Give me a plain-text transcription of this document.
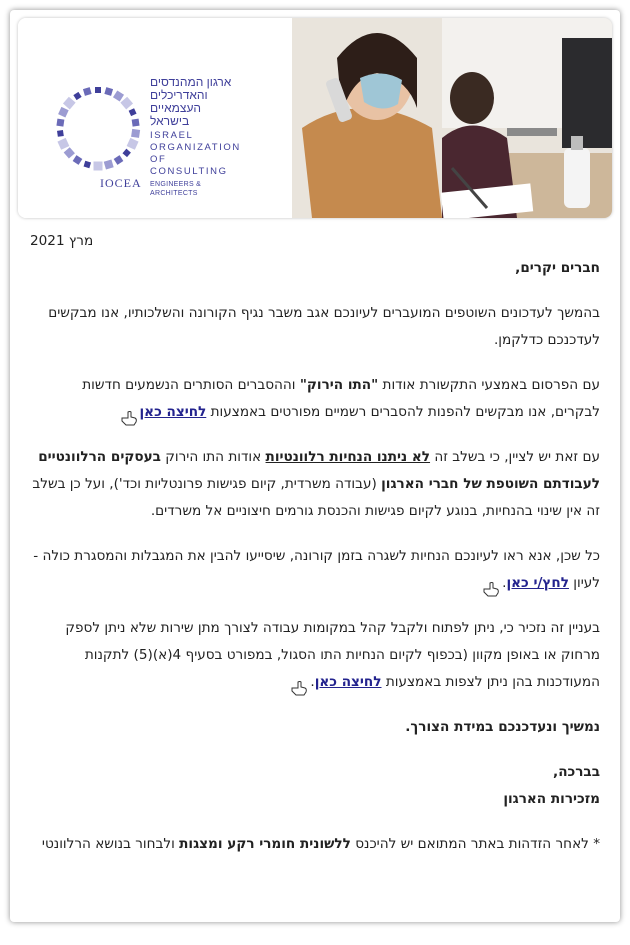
ארגון המהנדסים
והאדריכלים
העצמאיים
בישראל
ISRAEL
ORGANIZATION
OF CONSULTING
ENGINEERS & ARCHITECTS
IOCEA

מרץ 2021

חברים יקרים,

בהמשך לעדכונים השוטפים המועברים לעיונכם אגב משבר נגיף הקורונה והשלכותיו, אנו מבקשים לעדכנכם כדלקמן.

עם הפרסום באמצעי התקשורת אודות "התו הירוק" וההסברים הסותרים הנשמעים חדשות לבקרים, אנו מבקשים להפנות להסברים רשמיים מפורטים באמצעות לחיצה כאן

עם זאת יש לציין, כי בשלב זה לא ניתנו הנחיות רלוונטיות אודות התו הירוק בעסקים הרלוונטיים לעבודתם השוטפת של חברי הארגון (עבודה משרדית, קיום פגישות פרונטליות וכד'), ועל כן בשלב זה אין שינוי בהנחיות, בנוגע לקיום פגישות והכנסת גורמים חיצוניים אל משרדים.

כל שכן, אנא ראו לעיונכם הנחיות לשגרה בזמן קורונה, שיסייעו להבין את המגבלות והמסגרת כולה - לעיון לחץ/י כאן.

בעניין זה נזכיר כי, ניתן לפתוח ולקבל קהל במקומות עבודה לצורך מתן שירות שלא ניתן לספק מרחוק או באופן מקוון (בכפוף לקיום הנחיות התו הסגול, במפורט בסעיף 4(א)(5) לתקנות המעודכנות בהן ניתן לצפות באמצעות לחיצה כאן.

נמשיך ונעדכנכם במידת הצורך.

בברכה,

מזכירות הארגון

* לאחר הזדהות באתר המתואם יש להיכנס ללשונית חומרי רקע ומצגות ולבחור בנושא הרלוונטי
